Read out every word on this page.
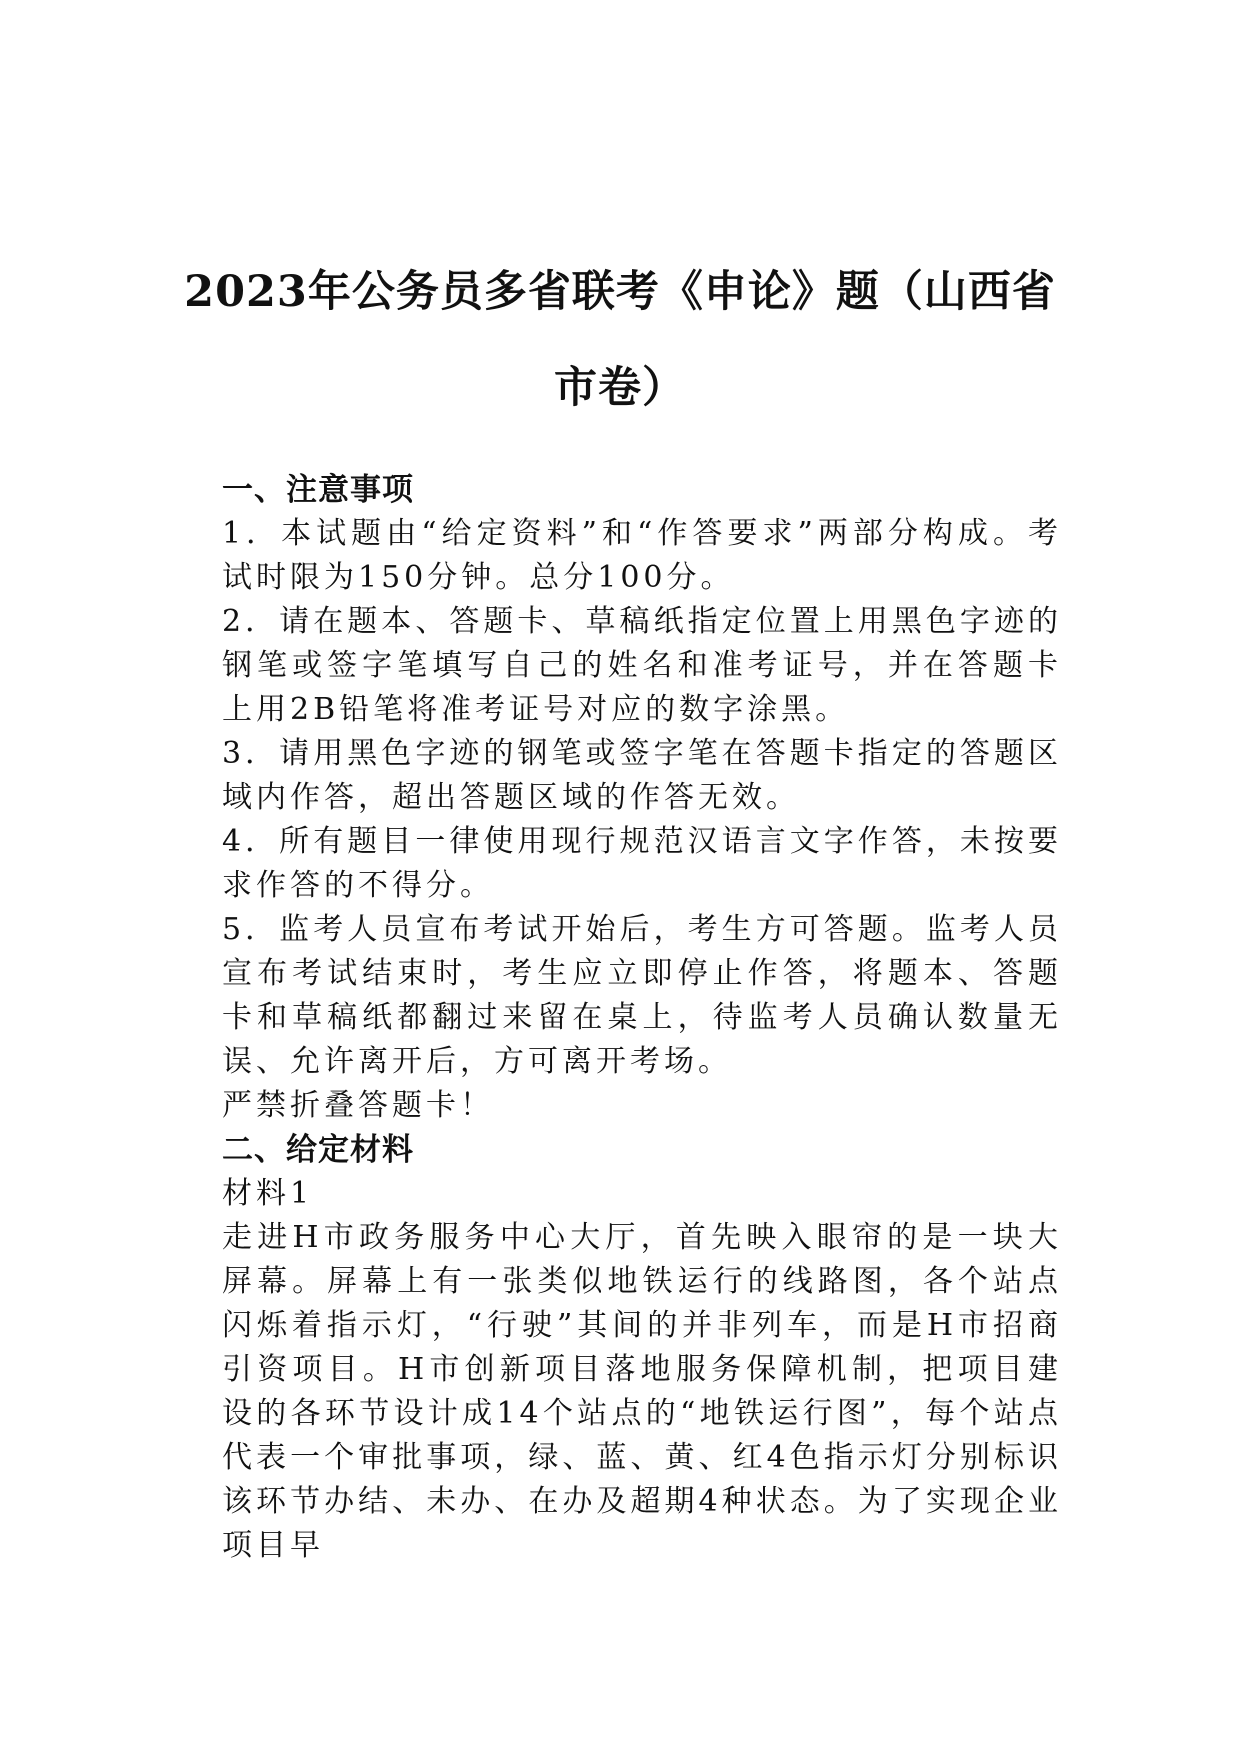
2023年公务员多省联考《申论》题（山西省
市卷）
一、注意事项

1．本试题由“给定资料”和“作答要求”两部分构成。考试时限为150分钟。总分100分。

2．请在题本、答题卡、草稿纸指定位置上用黑色字迹的钢笔或签字笔填写自己的姓名和准考证号，并在答题卡上用2B铅笔将准考证号对应的数字涂黑。

3．请用黑色字迹的钢笔或签字笔在答题卡指定的答题区域内作答，超出答题区域的作答无效。

4．所有题目一律使用现行规范汉语言文字作答，未按要求作答的不得分。

5．监考人员宣布考试开始后，考生方可答题。监考人员宣布考试结束时，考生应立即停止作答，将题本、答题卡和草稿纸都翻过来留在桌上，待监考人员确认数量无误、允许离开后，方可离开考场。

严禁折叠答题卡！

二、给定材料

材料1

走进H市政务服务中心大厅，首先映入眼帘的是一块大屏幕。屏幕上有一张类似地铁运行的线路图，各个站点闪烁着指示灯，“行驶”其间的并非列车，而是H市招商引资项目。H市创新项目落地服务保障机制，把项目建设的各环节设计成14个站点的“地铁运行图”，每个站点代表一个审批事项，绿、蓝、黄、红4色指示灯分别标识该环节办结、未办、在办及超期4种状态。为了实现企业项目早
